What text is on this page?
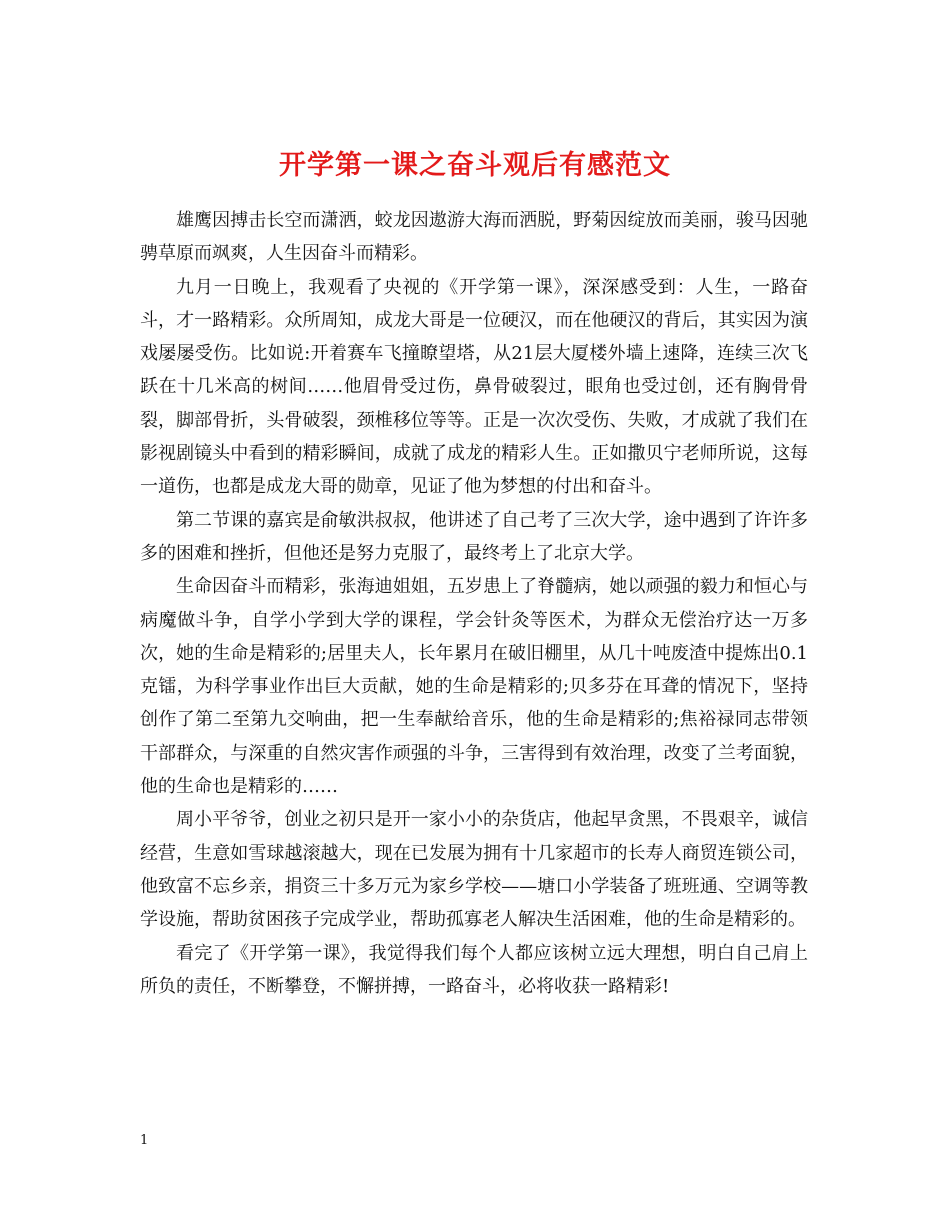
开学第一课之奋斗观后有感范文

雄鹰因搏击长空而潇洒，蛟龙因遨游大海而洒脱，野菊因绽放而美丽，骏马因驰骋草原而飒爽，人生因奋斗而精彩。

九月一日晚上，我观看了央视的《开学第一课》，深深感受到：人生，一路奋斗，才一路精彩。众所周知，成龙大哥是一位硬汉，而在他硬汉的背后，其实因为演戏屡屡受伤。比如说:开着赛车飞撞瞭望塔，从21层大厦楼外墙上速降，连续三次飞跃在十几米高的树间……他眉骨受过伤，鼻骨破裂过，眼角也受过创，还有胸骨骨裂，脚部骨折，头骨破裂，颈椎移位等等。正是一次次受伤、失败，才成就了我们在影视剧镜头中看到的精彩瞬间，成就了成龙的精彩人生。正如撒贝宁老师所说，这每一道伤，也都是成龙大哥的勋章，见证了他为梦想的付出和奋斗。

第二节课的嘉宾是俞敏洪叔叔，他讲述了自己考了三次大学，途中遇到了许许多多的困难和挫折，但他还是努力克服了，最终考上了北京大学。

生命因奋斗而精彩，张海迪姐姐，五岁患上了脊髓病，她以顽强的毅力和恒心与病魔做斗争，自学小学到大学的课程，学会针灸等医术，为群众无偿治疗达一万多次，她的生命是精彩的;居里夫人，长年累月在破旧棚里，从几十吨废渣中提炼出0.1克镭，为科学事业作出巨大贡献，她的生命是精彩的;贝多芬在耳聋的情况下，坚持创作了第二至第九交响曲，把一生奉献给音乐，他的生命是精彩的;焦裕禄同志带领干部群众，与深重的自然灾害作顽强的斗争，三害得到有效治理，改变了兰考面貌，他的生命也是精彩的……

周小平爷爷，创业之初只是开一家小小的杂货店，他起早贪黑，不畏艰辛，诚信经营，生意如雪球越滚越大，现在已发展为拥有十几家超市的长寿人商贸连锁公司，他致富不忘乡亲，捐资三十多万元为家乡学校——塘口小学装备了班班通、空调等教学设施，帮助贫困孩子完成学业，帮助孤寡老人解决生活困难，他的生命是精彩的。

看完了《开学第一课》，我觉得我们每个人都应该树立远大理想，明白自己肩上所负的责任，不断攀登，不懈拼搏，一路奋斗，必将收获一路精彩!

1
